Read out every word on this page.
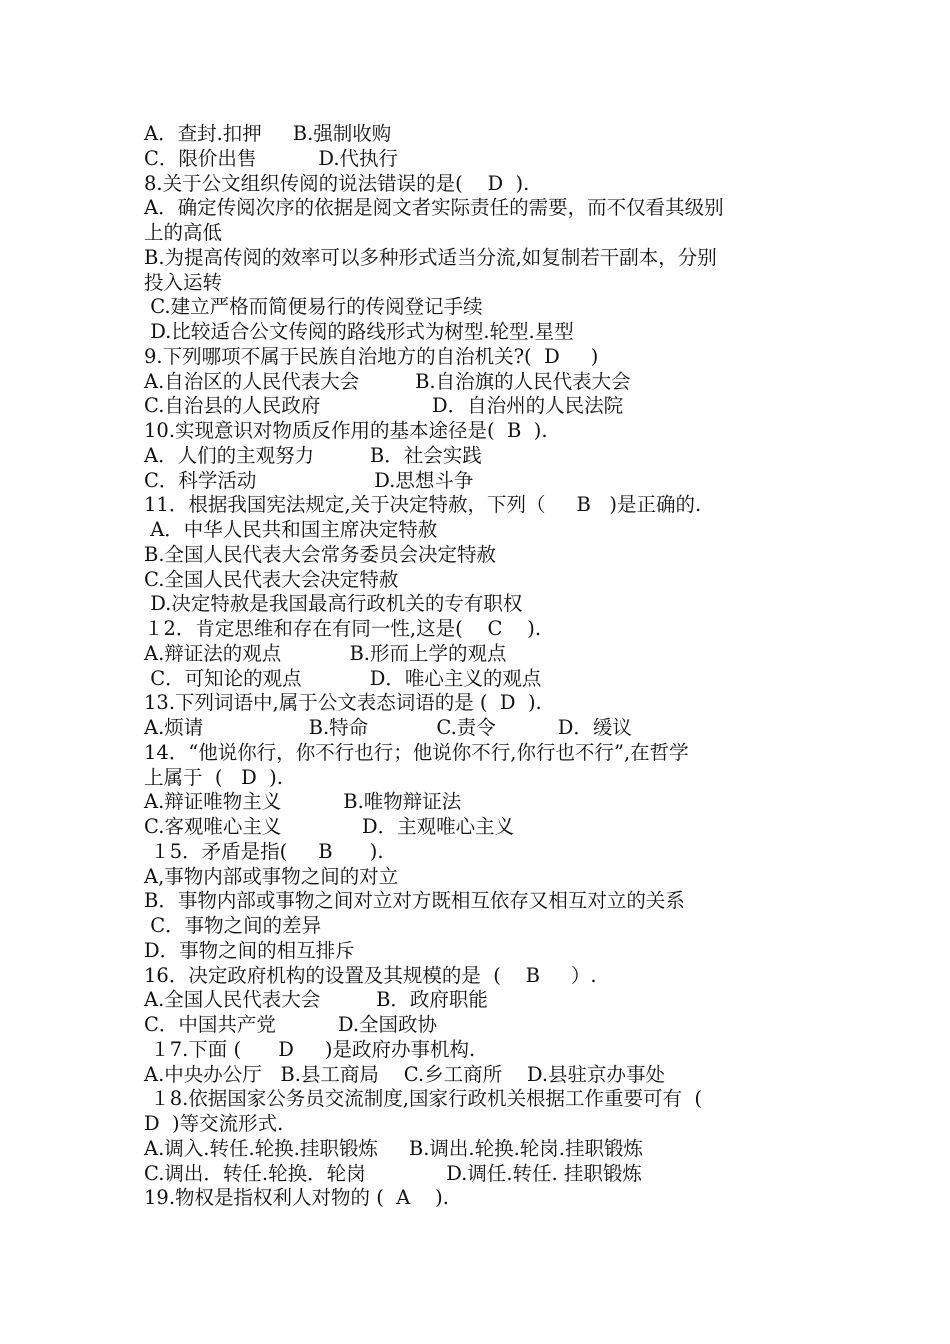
A．查封.扣押     B.强制收购
C．限价出售          D.代执行
8.关于公文组织传阅的说法错误的是(    D  ).
A．确定传阅次序的依据是阅文者实际责任的需要，而不仅看其级别
上的高低
B.为提高传阅的效率可以多种形式适当分流,如复制若干副本，分别
投入运转
C.建立严格而简便易行的传阅登记手续
D.比较适合公文传阅的路线形式为树型.轮型.星型
9.下列哪项不属于民族自治地方的自治机关?(  D     )
A.自治区的人民代表大会         B.自治旗的人民代表大会
C.自治县的人民政府                  D．自治州的人民法院
10.实现意识对物质反作用的基本途径是(  B  ).
A．人们的主观努力         B．社会实践
C．科学活动                   D.思想斗争
11．根据我国宪法规定,关于决定特赦，下列（     B   )是正确的.
A．中华人民共和国主席决定特赦
B.全国人民代表大会常务委员会决定特赦
C.全国人民代表大会决定特赦
D.决定特赦是我国最高行政机关的专有职权
１2．肯定思维和存在有同一性,这是(    C    ).
A.辩证法的观点           B.形而上学的观点
C．可知论的观点           D．唯心主义的观点
13.下列词语中,属于公文表态词语的是 (  D  ).
A.烦请                 B.特命           C.责令          D．缓议
14．“他说你行，你不行也行；他说你不行,你行也不行”,在哲学
上属于  (   D  ).
A.辩证唯物主义          B.唯物辩证法
C.客观唯心主义             D．主观唯心主义
１5．矛盾是指(     B      ).
A,事物内部或事物之间的对立
B．事物内部或事物之间对立对方既相互依存又相互对立的关系
C．事物之间的差异
D．事物之间的相互排斥
16．决定政府机构的设置及其规模的是  (    B     ）.
A.全国人民代表大会         B．政府职能
C．中国共产党          D.全国政协
１7.下面 (      D     )是政府办事机构.
A.中央办公厅   B.县工商局    C.乡工商所    D.县驻京办事处
１8.依据国家公务员交流制度,国家行政机关根据工作重要可有  (
D  )等交流形式.
A.调入.转任.轮换.挂职锻炼     B.调出.轮换.轮岗.挂职锻炼
C.调出．转任.轮换．轮岗             D.调任.转任. 挂职锻炼
19.物权是指权利人对物的 (  A    ).
